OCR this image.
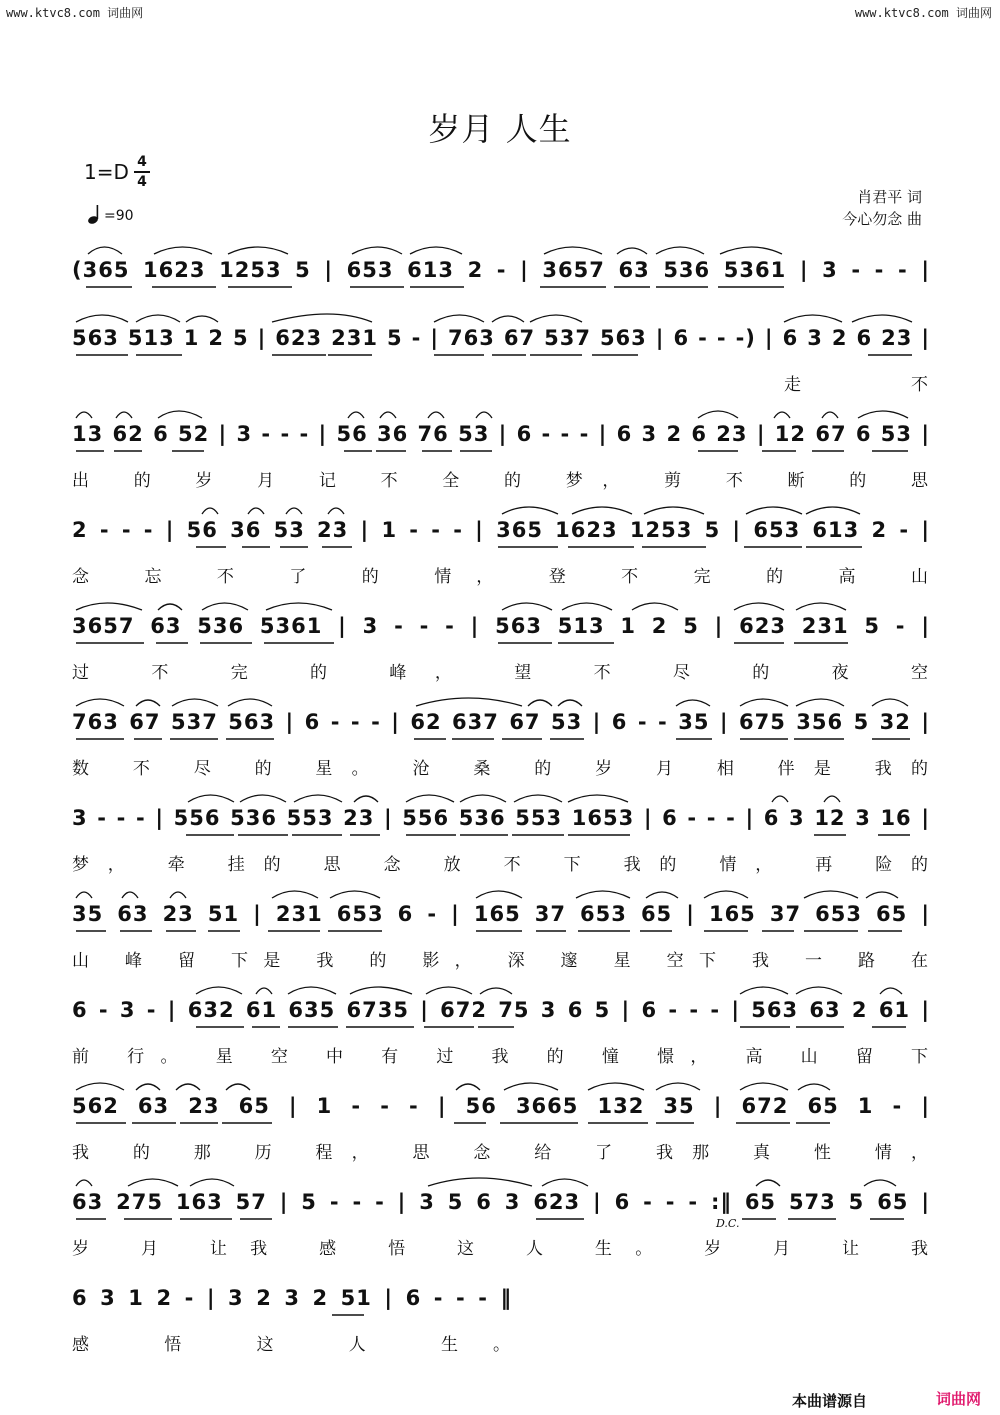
www.ktvc8.com 词曲网	www.ktvc8.com 词曲网
岁月 人生
1=D 4
4
=90
肖君平 词
今心勿念 曲
(365 1623 1253 5 | 653 613 2 - | 3657 63 536 5361 | 3 - - - |
563 513 1 2 5 | 623 231 5 - | 763 67 537 563 | 6 - - -) | 6 3 2 6 23 |
走 不
13 62 6 52 | 3 - - - | 56 36 76 53 | 6 - - - | 6 3 2 6 23 | 12 67 6 53 |
出 的 岁 月 记 不 全 的 梦， 剪 不 断 的 思
2 - - - | 56 36 53 23 | 1 - - - | 365 1623 1253 5 | 653 613 2 - |
念 忘 不 了 的 情， 登 不 完 的 高 山
3657 63 536 5361 | 3 - - - | 563 513 1 2 5 | 623 231 5 - |
过 不 完 的 峰， 望 不 尽 的 夜 空
763 67 537 563 | 6 - - - | 62 637 67 53 | 6 - - 35 | 675 356 5 32 |
数 不 尽 的 星。 沧 桑 的 岁 月 相 伴是 我的
3 - - - | 556 536 553 23 | 556 536 553 1653 | 6 - - - | 6 3 12 3 16 |
梦， 牵 挂的 思 念 放 不 下 我的 情， 再 险的
35 63 23 51 | 231 653 6 - | 165 37 653 65 | 165 37 653 65 |
山 峰 留 下是 我 的 影， 深 邃 星 空下 我 一 路 在
6 - 3 - | 632 61 635 6735 | 672 75 3 6 5 | 6 - - - | 563 63 2 61 |
前 行。 星 空 中 有 过 我 的 憧 憬， 高 山 留 下
562 63 23 65 | 1 - - - | 56 3665 132 35 | 672 65 1 - |
我 的 那 历 程， 思 念 给 了 我那 真 性 情，
63 275 163 57 | 5 - - - | 3 5 6 3 623 | 6 - - - :‖ 65 573 5 65 |
岁 月 让我 感 悟 这 人 生。 岁 月 让 我
6 3 1 2 - | 3 2 3 2 51 | 6 - - - ‖
感 悟 这 人 生。
D.C.
本曲谱源自	词曲网
